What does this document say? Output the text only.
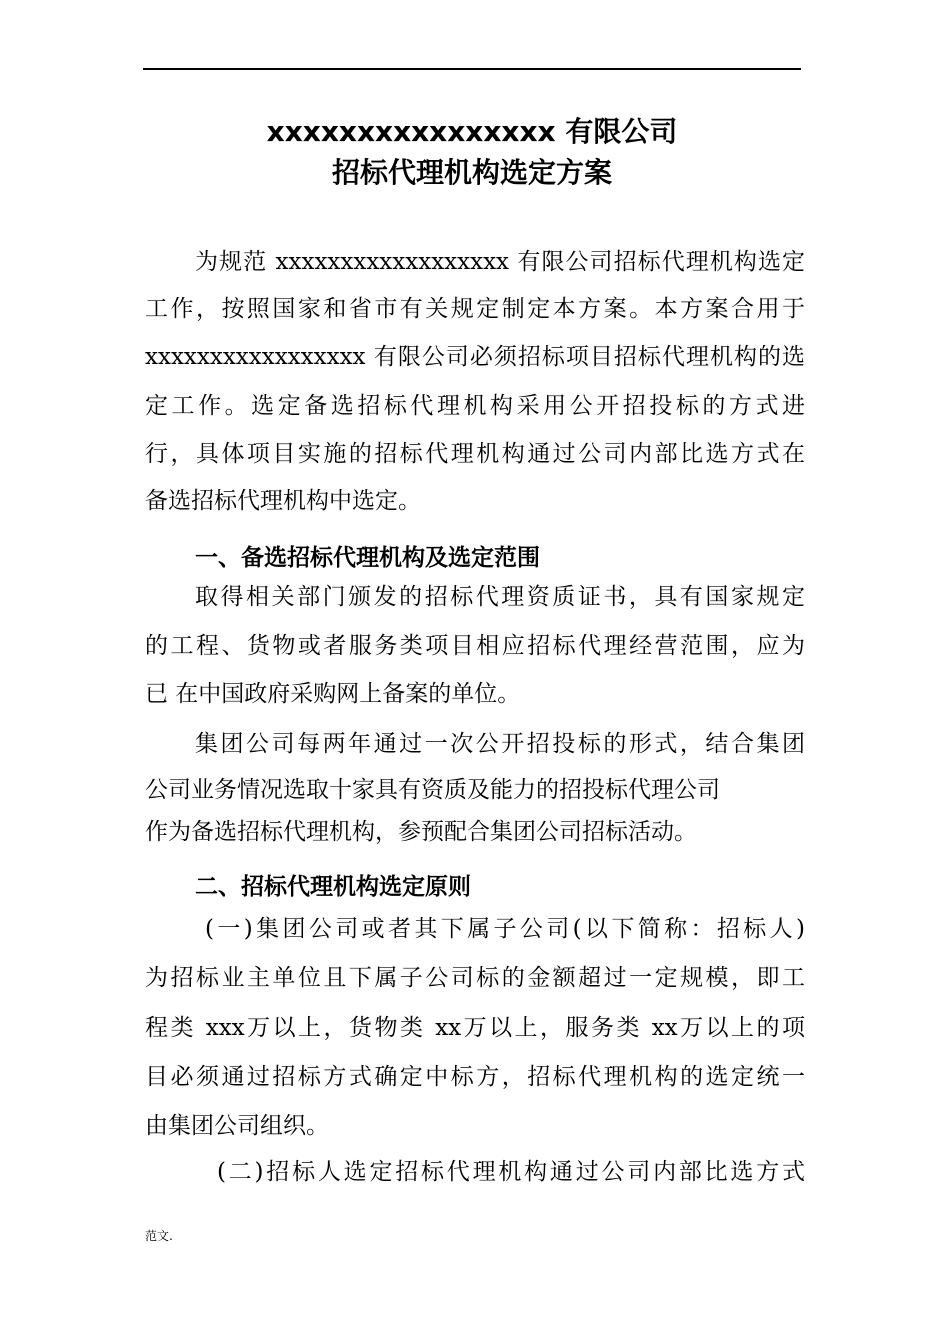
xxxxxxxxxxxxxxxx 有限公司
招标代理机构选定方案
为规范 xxxxxxxxxxxxxxxxxx 有限公司招标代理机构选定
工作，按照国家和省市有关规定制定本方案。本方案合用于
xxxxxxxxxxxxxxxxx 有限公司必须招标项目招标代理机构的选
定工作。选定备选招标代理机构采用公开招投标的方式进
行，具体项目实施的招标代理机构通过公司内部比选方式在
备选招标代理机构中选定。
一、备选招标代理机构及选定范围
取得相关部门颁发的招标代理资质证书，具有国家规定
的工程、货物或者服务类项目相应招标代理经营范围，应为
已 在中国政府采购网上备案的单位。
集团公司每两年通过一次公开招投标的形式，结合集团
公司业务情况选取十家具有资质及能力的招投标代理公司
作为备选招标代理机构，参预配合集团公司招标活动。
二、招标代理机构选定原则
(一)集团公司或者其下属子公司(以下简称：招标人)
为招标业主单位且下属子公司标的金额超过一定规模，即工
程类 xxx万以上，货物类 xx万以上，服务类 xx万以上的项
目必须通过招标方式确定中标方，招标代理机构的选定统一
由集团公司组织。
(二)招标人选定招标代理机构通过公司内部比选方式
范文.
